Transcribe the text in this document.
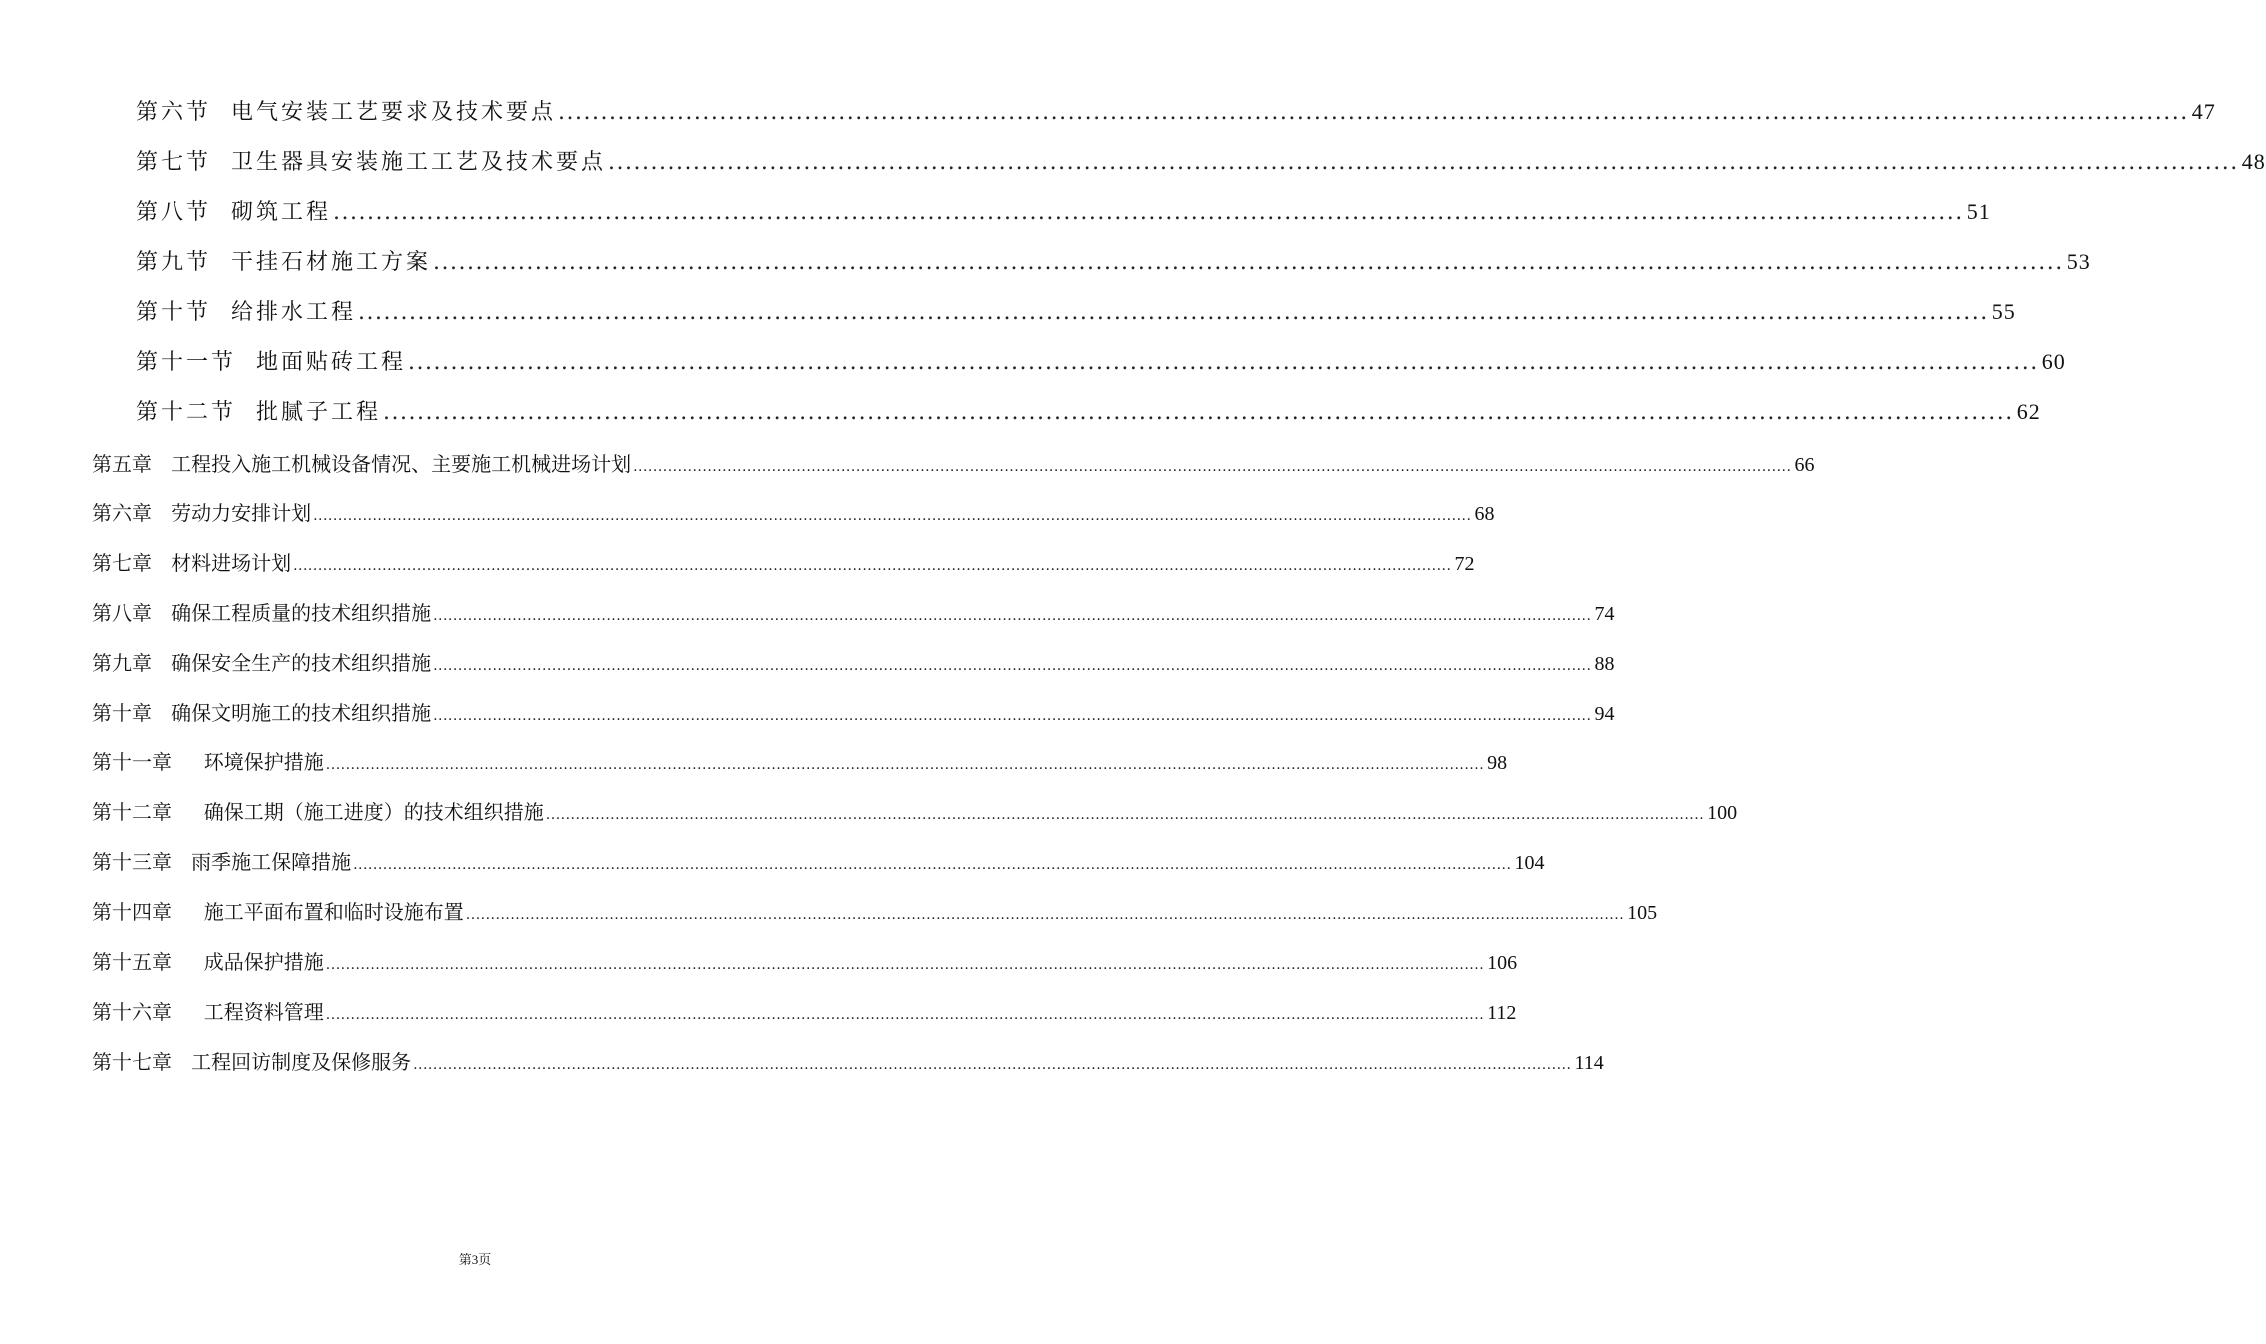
第六节  电气安装工艺要求及技术要点 ................................................................................................................................................................................................ 47
第七节  卫生器具安装施工工艺及技术要点 ................................................................................................................................................................................................ 48
第八节  砌筑工程 ................................................................................................................................................................................................ 51
第九节  干挂石材施工方案 ................................................................................................................................................................................................ 53
第十节  给排水工程 ................................................................................................................................................................................................ 55
第十一节  地面贴砖工程 ................................................................................................................................................................................................ 60
第十二节  批腻子工程 ................................................................................................................................................................................................ 62
第五章   工程投入施工机械设备情况、主要施工机械进场计划 .......................................................................................................................................................................................................................................... 66
第六章   劳动力安排计划 .......................................................................................................................................................................................................................................... 68
第七章   材料进场计划 .......................................................................................................................................................................................................................................... 72
第八章   确保工程质量的技术组织措施 .......................................................................................................................................................................................................................................... 74
第九章   确保安全生产的技术组织措施 .......................................................................................................................................................................................................................................... 88
第十章   确保文明施工的技术组织措施 .......................................................................................................................................................................................................................................... 94
第十一章     环境保护措施 .......................................................................................................................................................................................................................................... 98
第十二章     确保工期（施工进度）的技术组织措施 .......................................................................................................................................................................................................................................... 100
第十三章   雨季施工保障措施 .......................................................................................................................................................................................................................................... 104
第十四章     施工平面布置和临时设施布置 .......................................................................................................................................................................................................................................... 105
第十五章     成品保护措施 .......................................................................................................................................................................................................................................... 106
第十六章     工程资料管理 .......................................................................................................................................................................................................................................... 112
第十七章   工程回访制度及保修服务 .......................................................................................................................................................................................................................................... 114
第3页
